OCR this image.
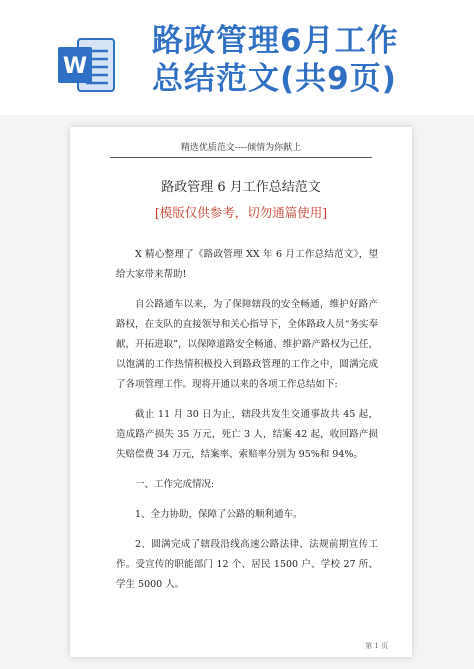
W
路政管理6月工作
总结范文(共9页)
精选优质范文----倾情为你献上
路政管理 6 月工作总结范文
[模版仅供参考，切勿通篇使用]

X 精心整理了《路政管理 XX 年 6 月工作总结范文》，望给大家带来帮助!

自公路通车以来，为了保障辖段的安全畅通，维护好路产路权，在支队的直接领导和关心指导下，全体路政人员“务实奉献，开拓进取”，以保障道路安全畅通、维护路产路权为己任，以饱满的工作热情积极投入到路政管理的工作之中，圆满完成了各项管理工作。现将开通以来的各项工作总结如下:

截止 11 月 30 日为止，辖段共发生交通事故共 45 起，造成路产损失 35 万元，死亡 3 人，结案 42 起，收回路产损失赔偿费 34 万元，结案率、索赔率分别为 95%和 94%。

一、工作完成情况:

1、全力协助，保障了公路的顺利通车。

2、圆满完成了辖段沿线高速公路法律、法规前期宣传工作。受宣传的职能部门 12 个、居民 1500 户、学校 27 所、学生 5000 人。

第 1 页
